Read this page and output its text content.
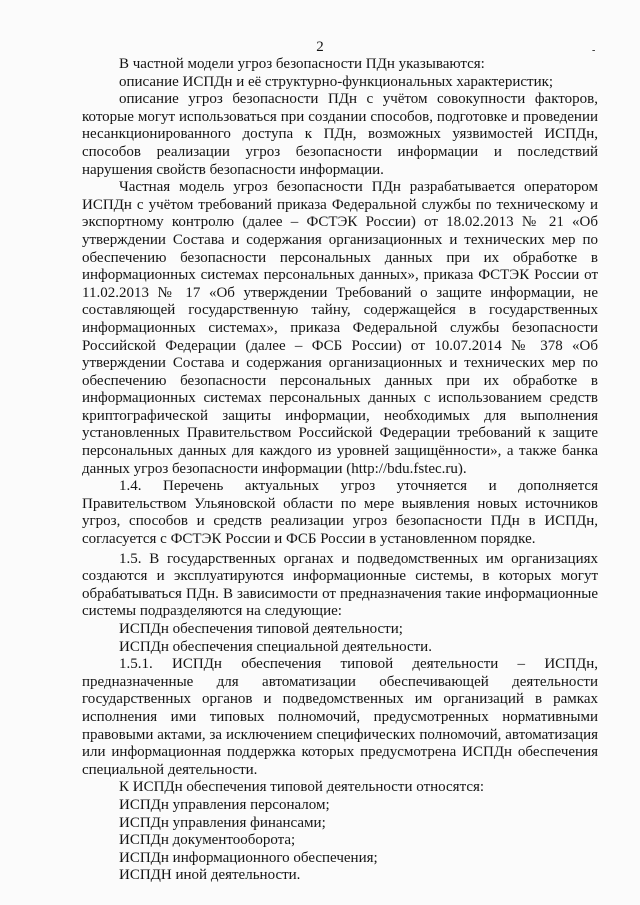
2	-

В частной модели угроз безопасности ПДн указываются:

описание ИСПДн и её структурно-функциональных характеристик;

описание угроз безопасности ПДн с учётом совокупности факторов, которые могут использоваться при создании способов, подготовке и проведении несанкционированного доступа к ПДн, возможных уязвимостей ИСПДн, способов реализации угроз безопасности информации и последствий нарушения свойств безопасности информации.

Частная модель угроз безопасности ПДн разрабатывается оператором ИСПДн с учётом требований приказа Федеральной службы по техническому и экспортному контролю (далее – ФСТЭК России) от 18.02.2013 № 21 «Об утверждении Состава и содержания организационных и технических мер по обеспечению безопасности персональных данных при их обработке в информационных системах персональных данных», приказа ФСТЭК России от 11.02.2013 № 17 «Об утверждении Требований о защите информации, не составляющей государственную тайну, содержащейся в государственных информационных системах», приказа Федеральной службы безопасности Российской Федерации (далее – ФСБ России) от 10.07.2014 № 378 «Об утверждении Состава и содержания организационных и технических мер по обеспечению безопасности персональных данных при их обработке в информационных системах персональных данных с использованием средств криптографической защиты информации, необходимых для выполнения установленных Правительством Российской Федерации требований к защите персональных данных для каждого из уровней защищённости», а также банка данных угроз безопасности информации (http://bdu.fstec.ru).

1.4. Перечень актуальных угроз уточняется и дополняется Правительством Ульяновской области по мере выявления новых источников угроз, способов и средств реализации угроз безопасности ПДн в ИСПДн, согласуется с ФСТЭК России и ФСБ России в установленном порядке.

1.5. В государственных органах и подведомственных им организациях создаются и эксплуатируются информационные системы, в которых могут обрабатываться ПДн. В зависимости от предназначения такие информационные системы подразделяются на следующие:

ИСПДн обеспечения типовой деятельности;

ИСПДн обеспечения специальной деятельности.

1.5.1. ИСПДн обеспечения типовой деятельности – ИСПДн, предназначенные для автоматизации обеспечивающей деятельности государственных органов и подведомственных им организаций в рамках исполнения ими типовых полномочий, предусмотренных нормативными правовыми актами, за исключением специфических полномочий, автоматизация или информационная поддержка которых предусмотрена ИСПДн обеспечения специальной деятельности.

К ИСПДн обеспечения типовой деятельности относятся:

ИСПДн управления персоналом;

ИСПДн управления финансами;

ИСПДн документооборота;

ИСПДн информационного обеспечения;

ИСПДН иной деятельности.
